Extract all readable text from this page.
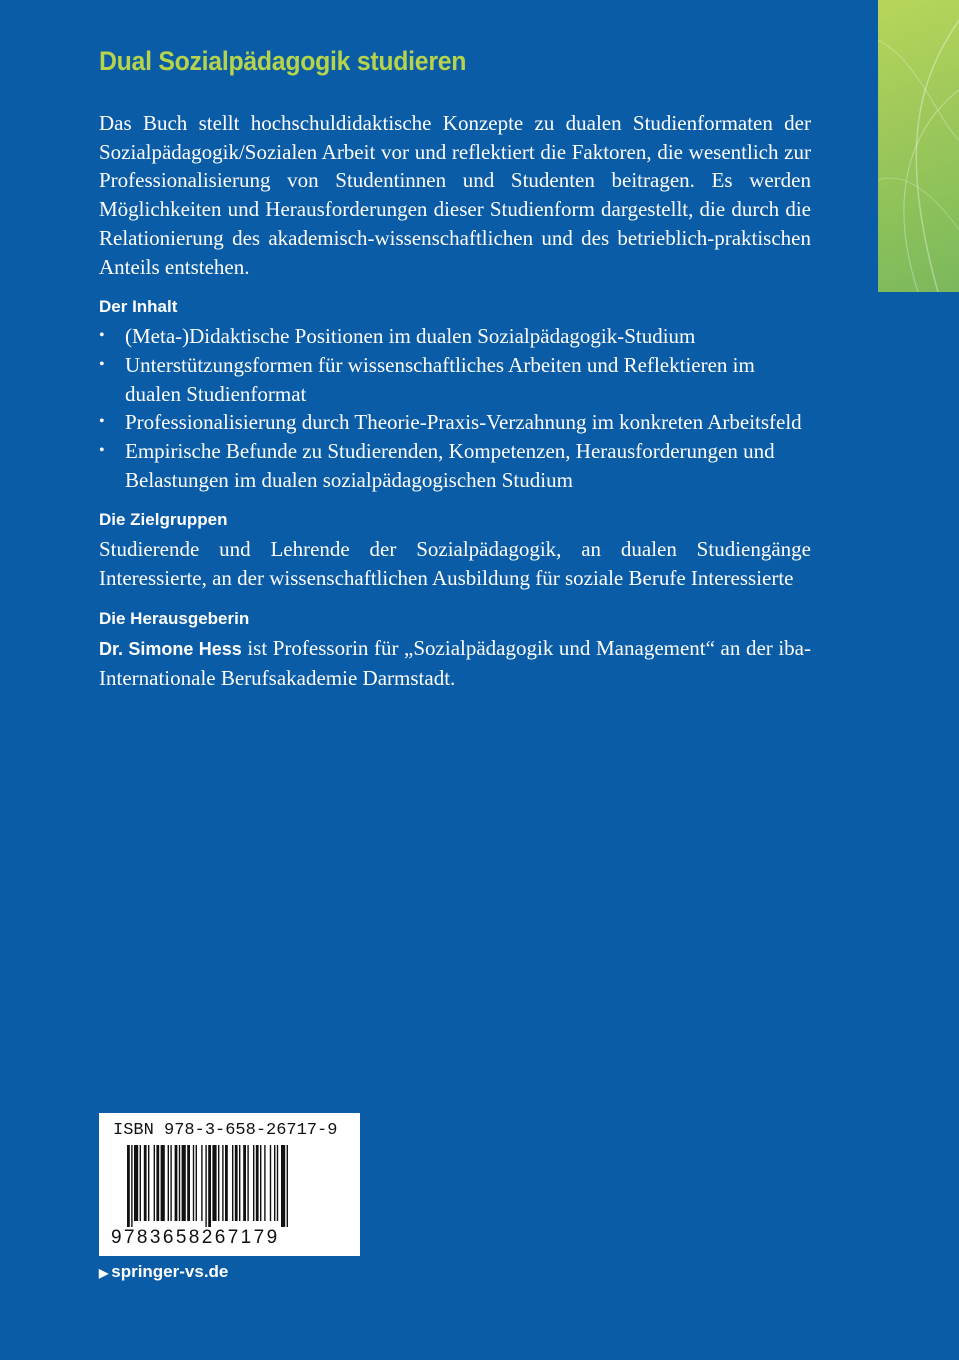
Dual Sozialpädagogik studieren

Das Buch stellt hochschuldidaktische Konzepte zu dualen Studienformaten der Sozialpädagogik/Sozialen Arbeit vor und reflektiert die Faktoren, die wesentlich zur Professionalisierung von Studentinnen und Studenten beitragen. Es werden Möglichkeiten und Herausforderungen dieser Studienform dargestellt, die durch die Relationierung des akademisch-wissenschaftlichen und des betrieblich-praktischen Anteils entstehen.

Der Inhalt
• (Meta-)Didaktische Positionen im dualen Sozialpädagogik-Studium
• Unterstützungsformen für wissenschaftliches Arbeiten und Reflektieren im dualen Studienformat
• Professionalisierung durch Theorie-Praxis-Verzahnung im konkreten Arbeitsfeld
• Empirische Befunde zu Studierenden, Kompetenzen, Herausforderungen und Belastungen im dualen sozialpädagogischen Studium
Die Zielgruppen

Studierende und Lehrende der Sozialpädagogik, an dualen Studiengänge Interessierte, an der wissenschaftlichen Ausbildung für soziale Berufe Interessierte

Die Herausgeberin

Dr. Simone Hess ist Professorin für „Sozialpädagogik und Management“ an der iba-Internationale Berufsakademie Darmstadt.

ISBN 978-3-658-26717-9
9783658267179
▶ springer-vs.de
